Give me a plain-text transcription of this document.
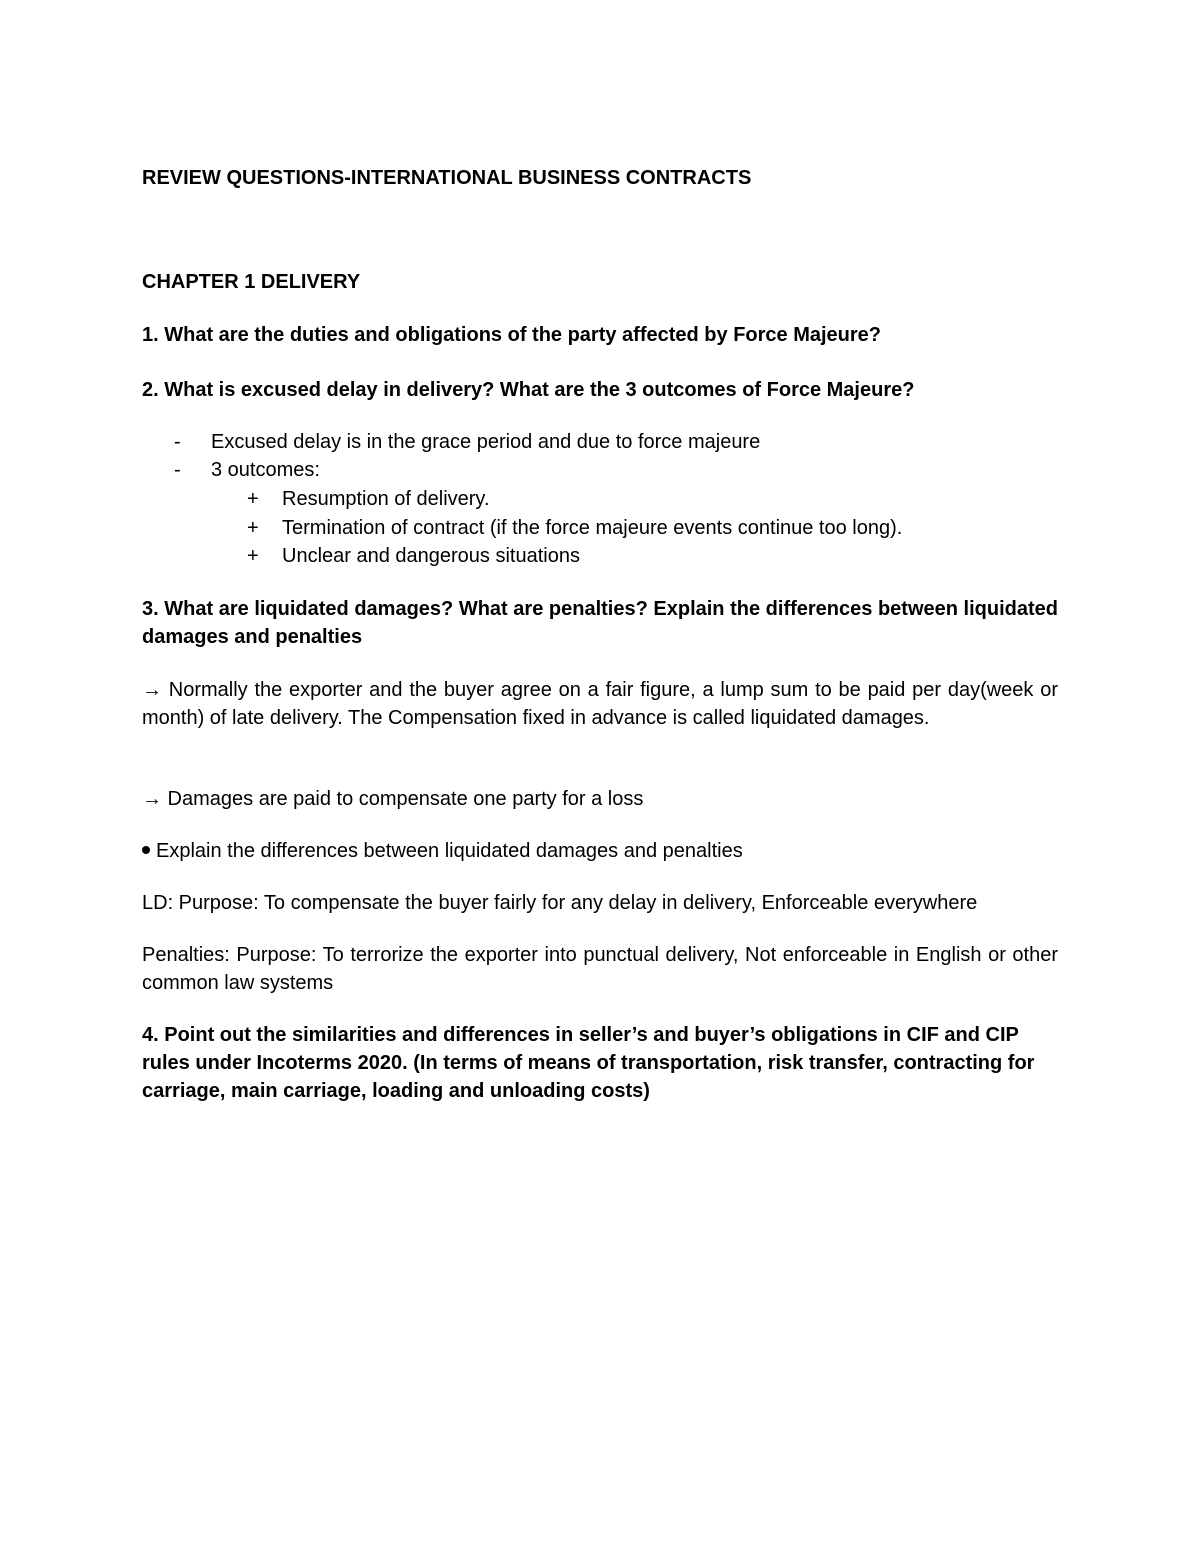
REVIEW QUESTIONS-INTERNATIONAL BUSINESS CONTRACTS
CHAPTER 1 DELIVERY
1. What are the duties and obligations of the party affected by Force Majeure?
2. What is excused delay in delivery? What are the 3 outcomes of Force Majeure?
- Excused delay is in the grace period and due to force majeure
- 3 outcomes:
+ Resumption of delivery.
+ Termination of contract (if the force majeure events continue too long).
+ Unclear and dangerous situations
3. What are liquidated damages? What are penalties? Explain the differences between liquidated damages and penalties
→ Normally the exporter and the buyer agree on a fair figure, a lump sum to be paid per day(week or month) of late delivery. The Compensation fixed in advance is called liquidated damages.
→ Damages are paid to compensate one party for a loss
Explain the differences between liquidated damages and penalties
LD: Purpose: To compensate the buyer fairly for any delay in delivery, Enforceable everywhere
Penalties: Purpose: To terrorize the exporter into punctual delivery, Not enforceable in English or other common law systems
4. Point out the similarities and differences in seller’s and buyer’s obligations in CIF and CIP rules under Incoterms 2020. (In terms of means of transportation, risk transfer, contracting for carriage, main carriage, loading and unloading costs)
